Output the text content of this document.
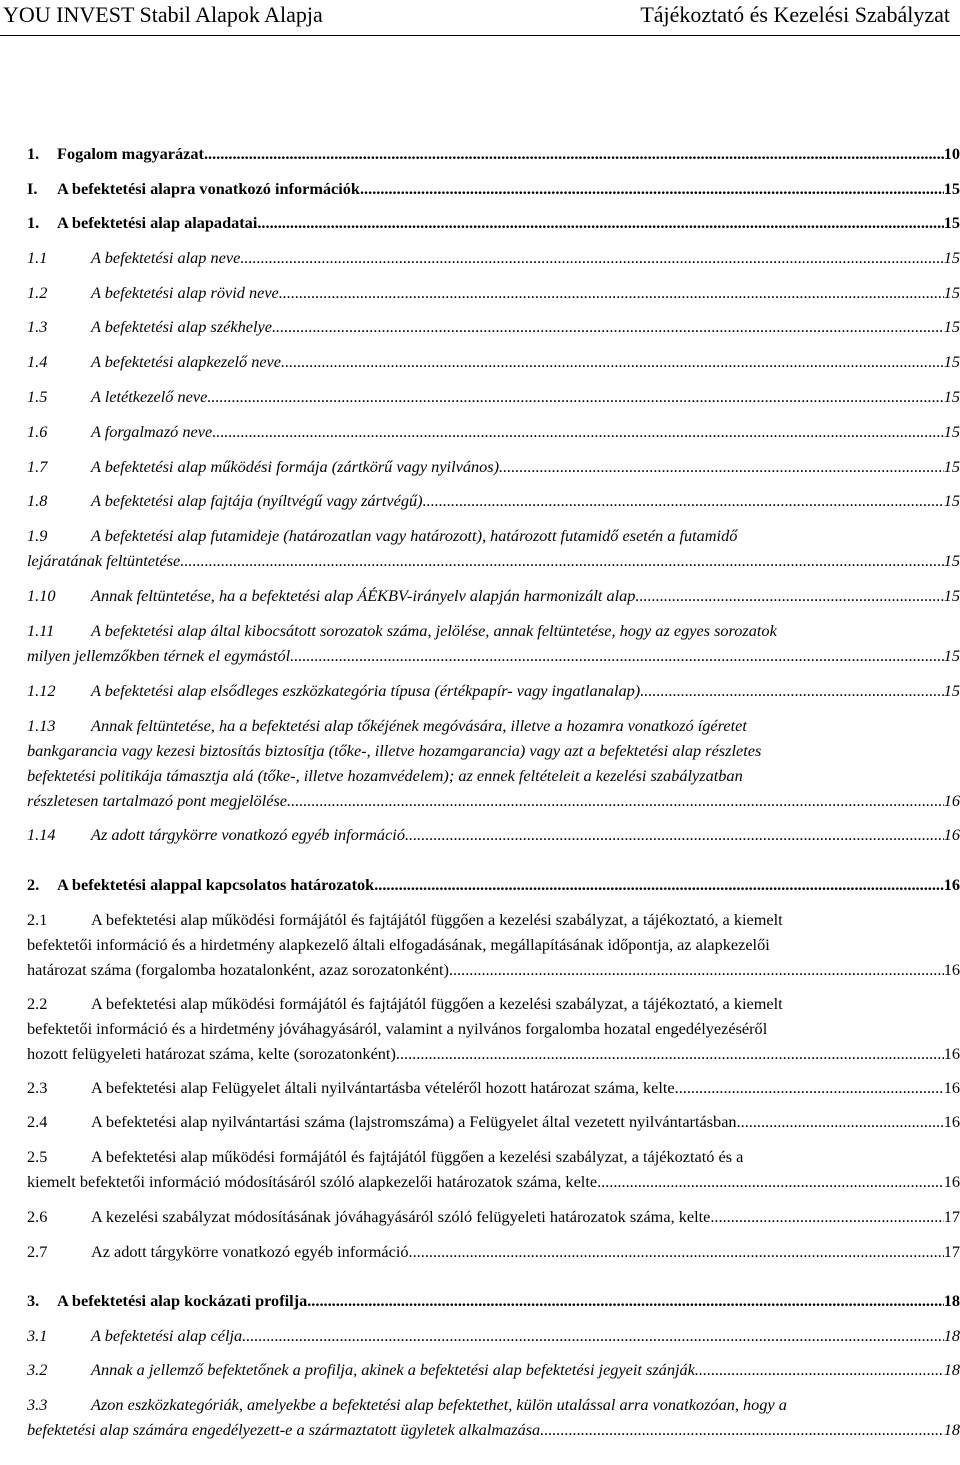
YOU INVEST Stabil Alapok Alapja	Tájékoztató és Kezelési Szabályzat
1. Fogalom magyarázat .....	10
I. A befektetési alapra vonatkozó információk .....	15
1. A befektetési alap alapadatai .....	15
1.1	A befektetési alap neve .....	15
1.2	A befektetési alap rövid neve .....	15
1.3	A befektetési alap székhelye .....	15
1.4	A befektetési alapkezelő neve .....	15
1.5	A letétkezelő neve .....	15
1.6	A forgalmazó neve .....	15
1.7	A befektetési alap működési formája (zártkörű vagy nyilvános) .....	15
1.8	A befektetési alap fajtája (nyíltvégű vagy zártvégű) .....	15
1.9	A befektetési alap futamideje (határozatlan vagy határozott), határozott futamidő esetén a futamidő
lejáratának feltüntetése .....	15
1.10 Annak feltüntetése, ha a befektetési alap ÁÉKBV-irányelv alapján harmonizált alap. .....	15
1.11 A befektetési alap által kibocsátott sorozatok száma, jelölése, annak feltüntetése, hogy az egyes sorozatok
milyen jellemzőkben térnek el egymástól .....	15
1.12 A befektetési alap elsődleges eszközkategória típusa (értékpapír- vagy ingatlanalap) .....	15
1.13 Annak feltüntetése, ha a befektetési alap tőkéjének megóvására, illetve a hozamra vonatkozó ígéretet
bankgarancia vagy kezesi biztosítás biztosítja (tőke-, illetve hozamgarancia) vagy azt a befektetési alap részletes
befektetési politikája támasztja alá (tőke-, illetve hozamvédelem); az ennek feltételeit a kezelési szabályzatban
részletesen tartalmazó pont megjelölése .....	16
1.14 Az adott tárgykörre vonatkozó egyéb információ .....	16
2. A befektetési alappal kapcsolatos határozatok .....	16
2.1	A befektetési alap működési formájától és fajtájától függően a kezelési szabályzat, a tájékoztató, a kiemelt
befektetői információ és a hirdetmény alapkezelő általi elfogadásának, megállapításának időpontja, az alapkezelői
határozat száma (forgalomba hozatalonként, azaz sorozatonként) .....	16
2.2	A befektetési alap működési formájától és fajtájától függően a kezelési szabályzat, a tájékoztató, a kiemelt
befektetői információ és a hirdetmény jóváhagyásáról, valamint a nyilvános forgalomba hozatal engedélyezéséről
hozott felügyeleti határozat száma, kelte (sorozatonként) .....	16
2.3	A befektetési alap Felügyelet általi nyilvántartásba vételéről hozott határozat száma, kelte .....	16
2.4	A befektetési alap nyilvántartási száma (lajstromszáma) a Felügyelet által vezetett nyilvántartásban .....	16
2.5	A befektetési alap működési formájától és fajtájától függően a kezelési szabályzat, a tájékoztató és a
kiemelt befektetői információ módosításáról szóló alapkezelői határozatok száma, kelte .....	16
2.6	A kezelési szabályzat módosításának jóváhagyásáról szóló felügyeleti határozatok száma, kelte .....	17
2.7	Az adott tárgykörre vonatkozó egyéb információ .....	17
3. A befektetési alap kockázati profilja .....	18
3.1	A befektetési alap célja .....	18
3.2	Annak a jellemző befektetőnek a profilja, akinek a befektetési alap befektetési jegyeit szánják .....	18
3.3	Azon eszközkategóriák, amelyekbe a befektetési alap befektethet, külön utalással arra vonatkozóan, hogy a
befektetési alap számára engedélyezett-e a származtatott ügyletek alkalmazása .....	18
